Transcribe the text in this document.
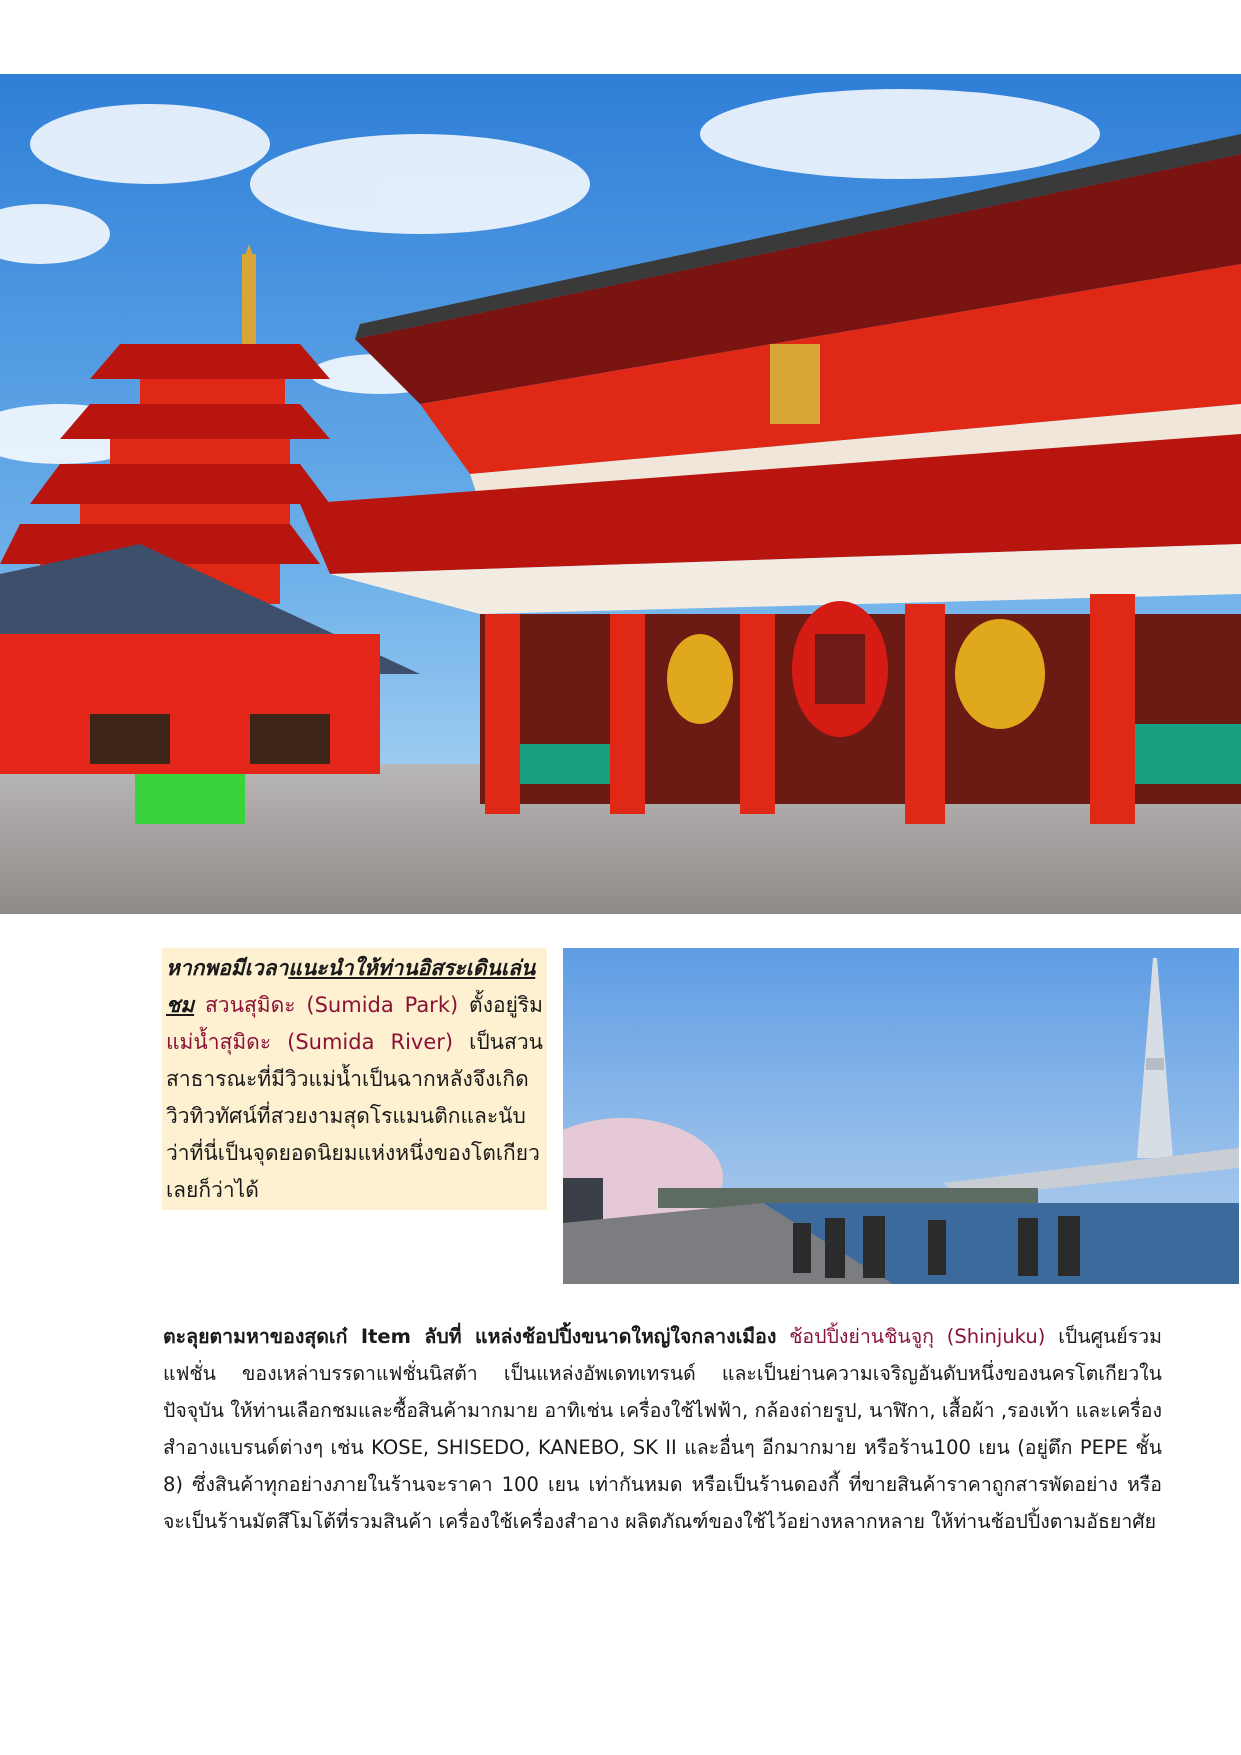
หากพอมีเวลาแนะนำให้ท่านอิสระเดินเล่นชม สวนสุมิดะ (Sumida Park) ตั้งอยู่ริม แม่น้ำสุมิดะ (Sumida River) เป็นสวนสาธารณะที่มีวิวแม่น้ำเป็นฉากหลังจึงเกิดวิวทิวทัศน์ที่สวยงามสุดโรแมนติกและนับว่าที่นี่เป็นจุดยอดนิยมแห่งหนึ่งของโตเกียวเลยก็ว่าได้
ตะลุยตามหาของสุดเก๋ Item ลับที่ แหล่งช้อปปิ้งขนาดใหญ่ใจกลางเมือง ช้อปปิ้งย่านชินจูกุ (Shinjuku) เป็นศูนย์รวมแฟชั่น ของเหล่าบรรดาแฟชั่นนิสต้า เป็นแหล่งอัพเดทเทรนด์ และเป็นย่านความเจริญอันดับหนึ่งของนครโตเกียวในปัจจุบัน ให้ท่านเลือกชมและซื้อสินค้ามากมาย อาทิเช่น เครื่องใช้ไฟฟ้า, กล้องถ่ายรูป, นาฬิกา, เสื้อผ้า ,รองเท้า และเครื่องสำอางแบรนด์ต่างๆ เช่น KOSE, SHISEDO, KANEBO, SK II และอื่นๆ อีกมากมาย หรือร้าน100 เยน (อยู่ตึก PEPE ชั้น 8) ซึ่งสินค้าทุกอย่างภายในร้านจะราคา 100 เยน เท่ากันหมด หรือเป็นร้านดองกี้ ที่ขายสินค้าราคาถูกสารพัดอย่าง หรือจะเป็นร้านมัตสึโมโต้ที่รวมสินค้า เครื่องใช้เครื่องสำอาง ผลิตภัณฑ์ของใช้ไว้อย่างหลากหลาย ให้ท่านช้อปปิ้งตามอัธยาศัย
